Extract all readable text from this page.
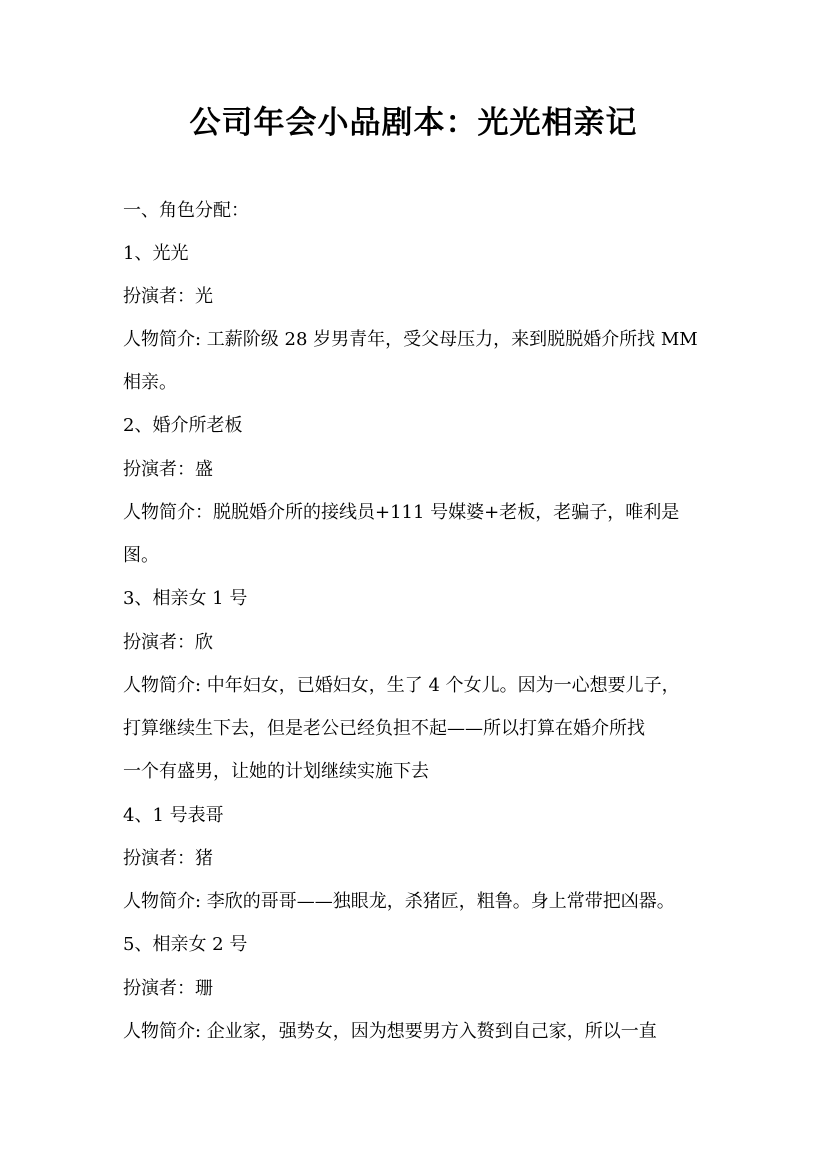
公司年会小品剧本：光光相亲记

一、角色分配：

1、光光

扮演者：光

人物简介: 工薪阶级 28 岁男青年，受父母压力，来到脱脱婚介所找 MM

相亲。

2、婚介所老板

扮演者：盛

人物简介：脱脱婚介所的接线员+111 号媒婆+老板，老骗子，唯利是

图。

3、相亲女 1 号

扮演者：欣

人物简介: 中年妇女，已婚妇女，生了 4 个女儿。因为一心想要儿子，

打算继续生下去，但是老公已经负担不起——所以打算在婚介所找

一个有盛男，让她的计划继续实施下去

4、1 号表哥

扮演者：猪

人物简介: 李欣的哥哥——独眼龙，杀猪匠，粗鲁。身上常带把凶器。

5、相亲女 2 号

扮演者：珊

人物简介: 企业家，强势女，因为想要男方入赘到自己家，所以一直
